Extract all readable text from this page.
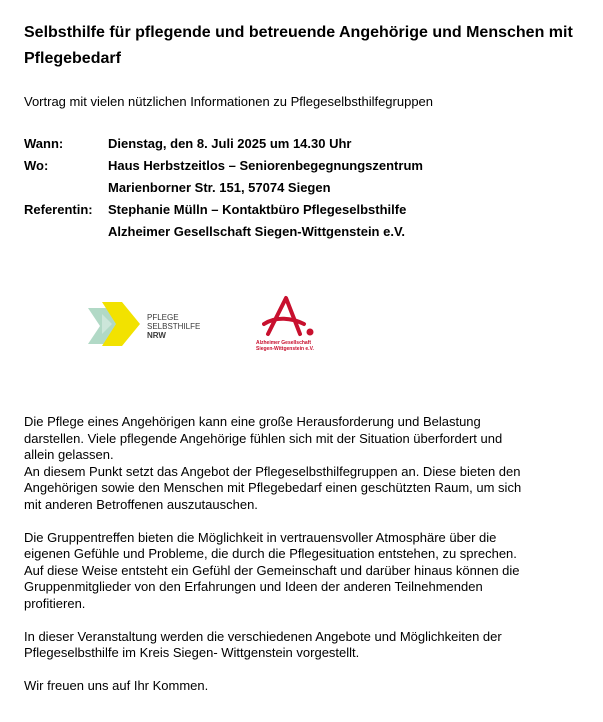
Selbsthilfe für pflegende und betreuende Angehörige und Menschen mit Pflegebedarf
Vortrag mit vielen nützlichen Informationen zu Pflegeselbsthilfegruppen
Wann:	Dienstag, den 8. Juli 2025 um 14.30 Uhr
Wo:	Haus Herbstzeitlos – Seniorenbegegnungszentrum
Marienborner Str. 151, 57074 Siegen
Referentin:	Stephanie Mülln – Kontaktbüro Pflegeselbsthilfe
Alzheimer Gesellschaft Siegen-Wittgenstein e.V.
PFLEGE
SELBSTHILFE
NRW
Alzheimer Gesellschaft
Siegen-Wittgenstein e.V.

Die Pflege eines Angehörigen kann eine große Herausforderung und Belastung
darstellen. Viele pflegende Angehörige fühlen sich mit der Situation überfordert und
allein gelassen.
An diesem Punkt setzt das Angebot der Pflegeselbsthilfegruppen an. Diese bieten den
Angehörigen sowie den Menschen mit Pflegebedarf einen geschützten Raum, um sich
mit anderen Betroffenen auszutauschen.

Die Gruppentreffen bieten die Möglichkeit in vertrauensvoller Atmosphäre über die
eigenen Gefühle und Probleme, die durch die Pflegesituation entstehen, zu sprechen.
Auf diese Weise entsteht ein Gefühl der Gemeinschaft und darüber hinaus können die
Gruppenmitglieder von den Erfahrungen und Ideen der anderen Teilnehmenden
profitieren.

In dieser Veranstaltung werden die verschiedenen Angebote und Möglichkeiten der
Pflegeselbsthilfe im Kreis Siegen- Wittgenstein vorgestellt.

Wir freuen uns auf Ihr Kommen.
